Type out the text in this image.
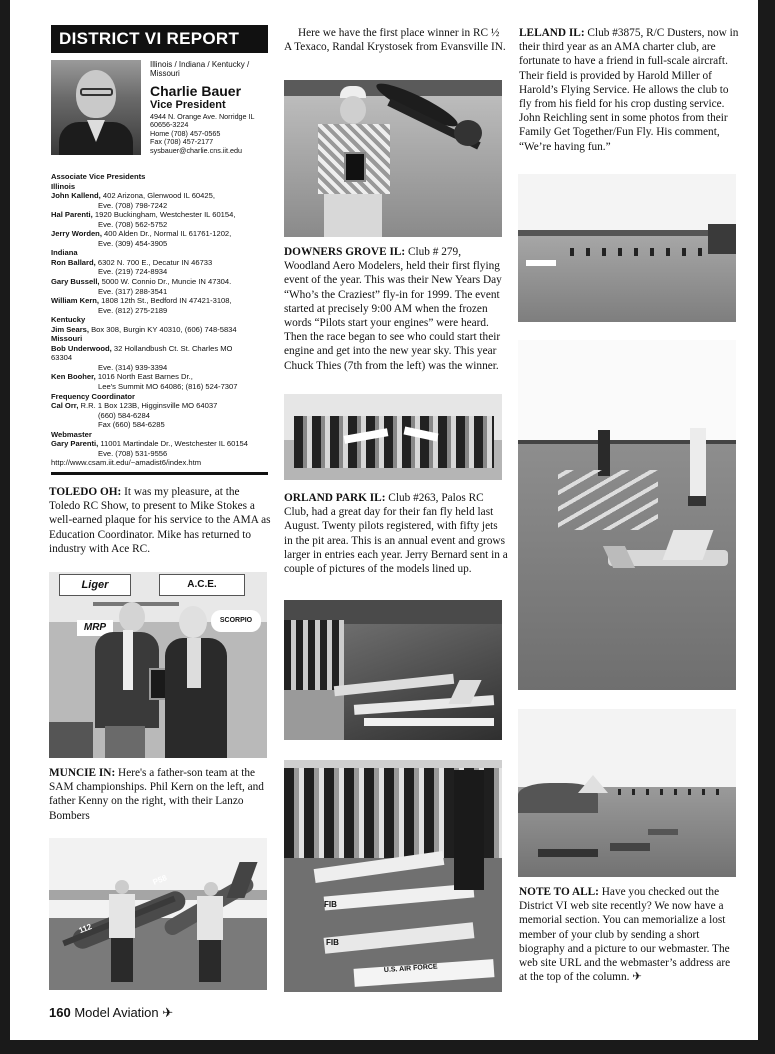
DISTRICT VI REPORT
Illinois / Indiana / Kentucky / Missouri
Charlie Bauer
Vice President
4944 N. Orange Ave. Norridge IL
60656-3224
Home (708) 457-0565
Fax (708) 457-2177
sysbauer@charlie.cns.iit.edu
Associate Vice Presidents
Illinois
John Kallend, 402 Arizona, Glenwood IL 60425,
Eve. (708) 798-7242
Hal Parenti, 1920 Buckingham, Westchester IL 60154,
Eve. (708) 562-5752
Jerry Worden, 400 Alden Dr., Normal IL 61761-1202,
Eve. (309) 454-3905
Indiana
Ron Ballard, 6302 N. 700 E., Decatur IN 46733
Eve. (219) 724-8934
Gary Bussell, 5000 W. Connio Dr., Muncie IN 47304.
Eve. (317) 288-3541
William Kern, 1808 12th St., Bedford IN 47421-3108,
Eve. (812) 275-2189
Kentucky
Jim Sears, Box 308, Burgin KY 40310, (606) 748-5834
Missouri
Bob Underwood, 32 Hollandbush Ct. St. Charles MO
63304
Eve. (314) 939-3394
Ken Booher, 1016 North East Barnes Dr.,
Lee's Summit MO 64086; (816) 524-7307
Frequency Coordinator
Cal Orr, R.R. 1 Box 123B, Higginsville MO 64037
(660) 584-6284
Fax (660) 584-6285
Webmaster
Gary Parenti, 11001 Martindale Dr., Westchester IL 60154
Eve. (708) 531-9556
http://www.csam.iit.edu/~amadist6/index.htm
TOLEDO OH: It was my pleasure, at the Toledo RC Show, to present to Mike Stokes a well-earned plaque for his service to the AMA as Education Coordinator. Mike has returned to industry with Ace RC.
Liger	A.C.E.
MRP
SCORPIO
MUNCIE IN: Here's a father-son team at the SAM championships. Phil Kern on the left, and father Kenny on the right, with their Lanzo Bombers
112
P58
160 Model Aviation ✈
Here we have the first place winner in RC ½ A Texaco, Randal Krystosek from Evansville IN.
DOWNERS GROVE IL: Club # 279, Woodland Aero Modelers, held their first flying event of the year. This was their New Years Day “Who’s the Craziest” fly-in for 1999. The event started at precisely 9:00 AM when the frozen words “Pilots start your engines” were heard. Then the race began to see who could start their engine and get into the new year sky. This year Chuck Thies (7th from the left) was the winner.
ORLAND PARK IL: Club #263, Palos RC Club, had a great day for their fan fly held last August. Twenty pilots registered, with fifty jets in the pit area. This is an annual event and grows larger in entries each year. Jerry Bernard sent in a couple of pictures of the models lined up.
FIB
FIB
U.S. AIR FORCE
LELAND IL: Club #3875, R/C Dusters, now in their third year as an AMA charter club, are fortunate to have a friend in full-scale aircraft. Their field is provided by Harold Miller of Harold’s Flying Service. He allows the club to fly from his field for his crop dusting service. John Reichling sent in some photos from their Family Get Together/Fun Fly. His comment, “We’re having fun.”
NOTE TO ALL: Have you checked out the District VI web site recently? We now have a memorial section. You can memorialize a lost member of your club by sending a short biography and a picture to our webmaster. The web site URL and the webmaster’s address are at the top of the column. ✈
